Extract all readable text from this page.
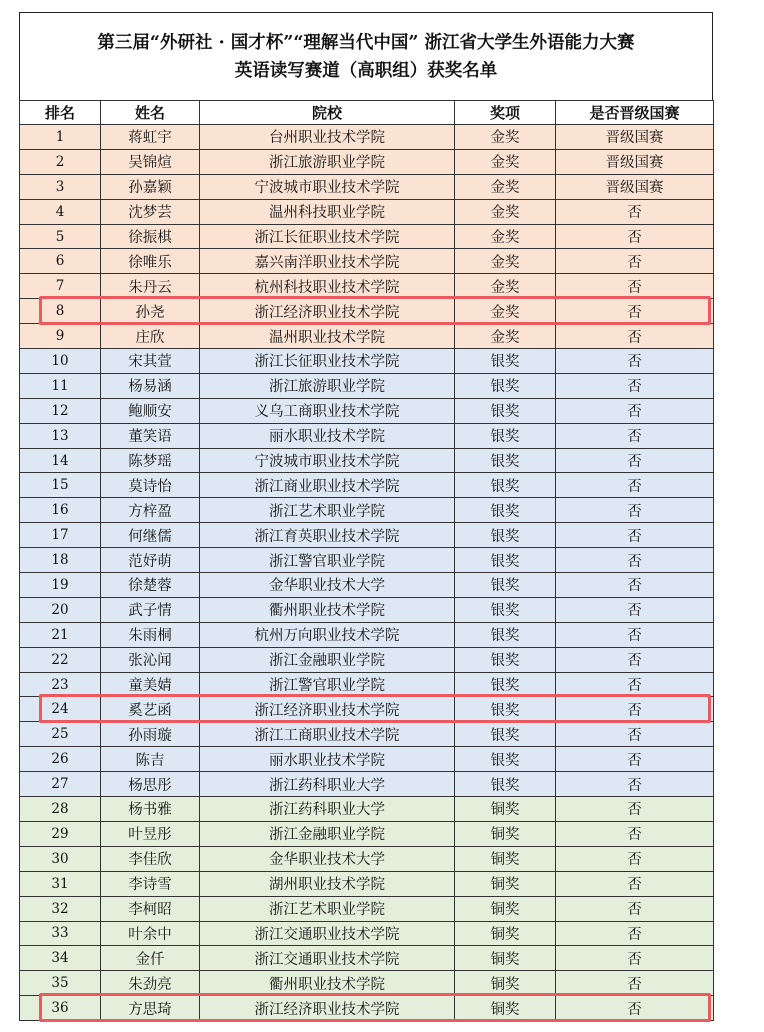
第三届“外研社 · 国才杯”“理解当代中国” 浙江省大学生外语能力大赛
英语读写赛道（高职组）获奖名单
排名	姓名	院校	奖项	是否晋级国赛
1	蒋虹宇	台州职业技术学院	金奖	晋级国赛
2	吴锦煊	浙江旅游职业学院	金奖	晋级国赛
3	孙嘉颖	宁波城市职业技术学院	金奖	晋级国赛
4	沈梦芸	温州科技职业学院	金奖	否
5	徐振棋	浙江长征职业技术学院	金奖	否
6	徐唯乐	嘉兴南洋职业技术学院	金奖	否
7	朱丹云	杭州科技职业技术学院	金奖	否
8	孙尧	浙江经济职业技术学院	金奖	否
9	庄欣	温州职业技术学院	金奖	否
10	宋其萱	浙江长征职业技术学院	银奖	否
11	杨易涵	浙江旅游职业学院	银奖	否
12	鲍顺安	义乌工商职业技术学院	银奖	否
13	董笑语	丽水职业技术学院	银奖	否
14	陈梦瑶	宁波城市职业技术学院	银奖	否
15	莫诗怡	浙江商业职业技术学院	银奖	否
16	方梓盈	浙江艺术职业学院	银奖	否
17	何继儒	浙江育英职业技术学院	银奖	否
18	范妤萌	浙江警官职业学院	银奖	否
19	徐楚蓉	金华职业技术大学	银奖	否
20	武子情	衢州职业技术学院	银奖	否
21	朱雨桐	杭州万向职业技术学院	银奖	否
22	张沁闻	浙江金融职业学院	银奖	否
23	童美婧	浙江警官职业学院	银奖	否
24	奚艺函	浙江经济职业技术学院	银奖	否
25	孙雨璇	浙江工商职业技术学院	银奖	否
26	陈吉	丽水职业技术学院	银奖	否
27	杨思彤	浙江药科职业大学	银奖	否
28	杨书雅	浙江药科职业大学	铜奖	否
29	叶昱彤	浙江金融职业学院	铜奖	否
30	李佳欣	金华职业技术大学	铜奖	否
31	李诗雪	湖州职业技术学院	铜奖	否
32	李柯昭	浙江艺术职业学院	铜奖	否
33	叶余中	浙江交通职业技术学院	铜奖	否
34	金仟	浙江交通职业技术学院	铜奖	否
35	朱劲亮	衢州职业技术学院	铜奖	否
36	方思琦	浙江经济职业技术学院	铜奖	否
